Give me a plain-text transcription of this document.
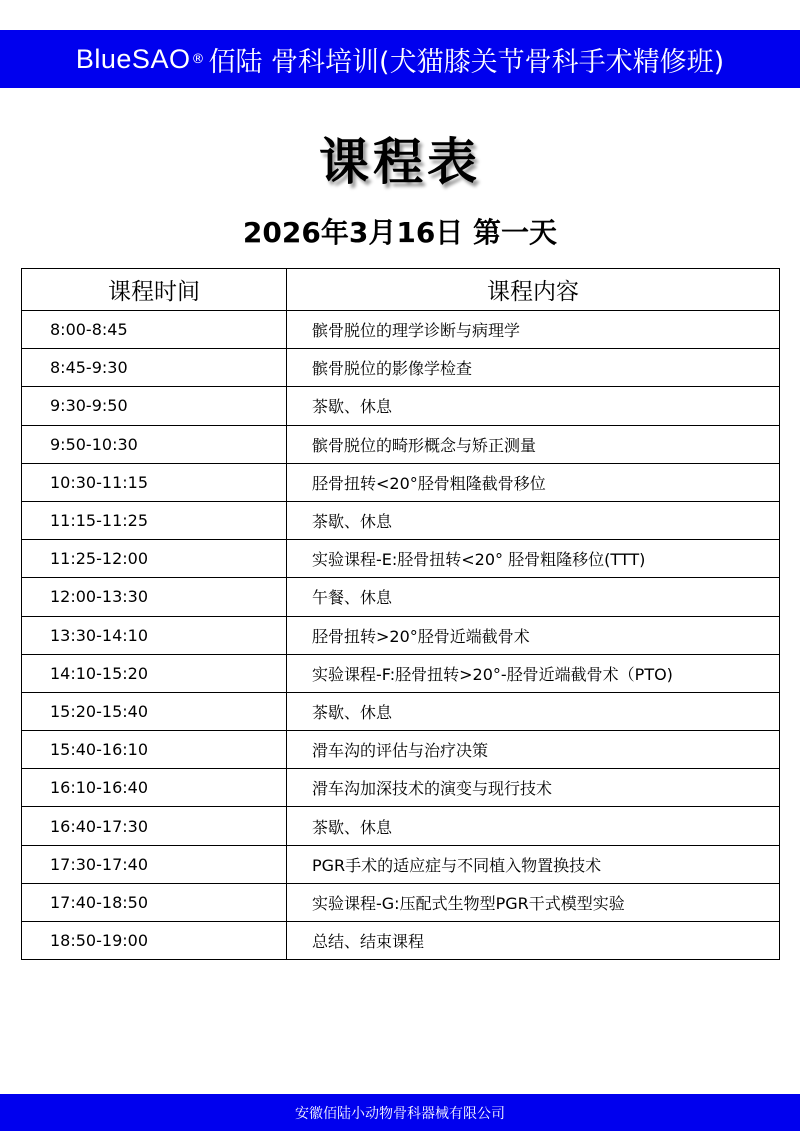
BlueSAO ® 佰陆 骨科培训(犬猫膝关节骨科手术精修班)
课程表
2026年3月16日 第一天
课程时间	课程内容
8:00-8:45	髌骨脱位的理学诊断与病理学
8:45-9:30	髌骨脱位的影像学检查
9:30-9:50	茶歇、休息
9:50-10:30	髌骨脱位的畸形概念与矫正测量
10:30-11:15	胫骨扭转<20°胫骨粗隆截骨移位
11:15-11:25	茶歇、休息
11:25-12:00	实验课程-E:胫骨扭转<20° 胫骨粗隆移位(TTT)
12:00-13:30	午餐、休息
13:30-14:10	胫骨扭转>20°胫骨近端截骨术
14:10-15:20	实验课程-F:胫骨扭转>20°-胫骨近端截骨术（PTO)
15:20-15:40	茶歇、休息
15:40-16:10	滑车沟的评估与治疗决策
16:10-16:40	滑车沟加深技术的演变与现行技术
16:40-17:30	茶歇、休息
17:30-17:40	PGR手术的适应症与不同植入物置换技术
17:40-18:50	实验课程-G:压配式生物型PGR干式模型实验
18:50-19:00	总结、结束课程
安徽佰陆小动物骨科器械有限公司
